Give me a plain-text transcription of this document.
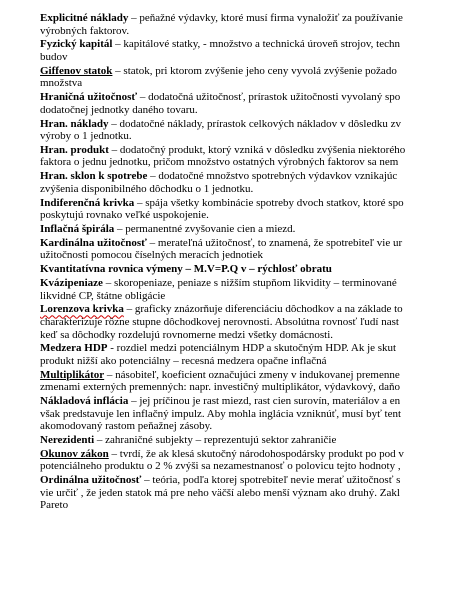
Explicitné náklady – peňažné výdavky, ktoré musí firma vynaložiť za používanie
výrobných faktorov.
Fyzický kapitál – kapitálové statky, - množstvo a technická úroveň strojov, techn
budov
Giffenov statok – statok, pri ktorom zvýšenie jeho ceny vyvolá zvýšenie požado
množstva
Hraničná užitočnosť – dodatočná užitočnosť, prírastok užitočnosti vyvolaný spo
dodatočnej jednotky daného tovaru.
Hran. náklady – dodatočné náklady, prírastok celkových nákladov v dôsledku zv
výroby o 1 jednotku.
Hran. produkt – dodatočný produkt, ktorý vzniká v dôsledku zvýšenia niektorého
faktora o jednu jednotku, pričom množstvo ostatných výrobných faktorov sa nem
Hran. sklon k spotrebe – dodatočné množstvo spotrebných výdavkov vznikajúc
zvýšenia disponibilného dôchodku o 1 jednotku.
Indiferenčná krivka – spája všetky kombinácie spotreby dvoch statkov, ktoré spo
poskytujú rovnako veľké uspokojenie.
Inflačná špirála – permanentné zvyšovanie cien a miezd.
Kardinálna užitočnosť – merateľná užitočnosť, to znamená, že spotrebiteľ vie ur
užitočnosti pomocou číselných meracích jednotiek
Kvantitatívna rovnica výmeny – M.V=P.Q v – rýchlosť obratu
Kvázipeniaze – skoropeniaze, peniaze s nižším stupňom likvidity – terminované
likvidné CP, štátne obligácie
Lorenzova krivka – graficky znázorňuje diferenciáciu dôchodkov a na základe to
charakterizuje rôzne stupne dôchodkovej nerovnosti. Absolútna rovnosť ľudí nast
keď sa dôchodky rozdelujú rovnomerne medzi všetky domácnosti.
Medzera HDP - rozdiel medzi potenciálnym HDP a skutočným HDP. Ak je skut
produkt nižší ako potenciálny – recesná medzera opačne inflačná
Multiplikátor – násobiteľ, koeficient označujúci zmeny v indukovanej premenne
zmenami externých premenných: napr. investičný multiplikátor, výdavkový, daňo
Nákladová inflácia – jej príčinou je rast miezd, rast cien surovín, materiálov a en
však predstavuje len inflačný impulz. Aby mohla inglácia vzniknúť, musí byť tent
akomodovaný rastom peňažnej zásoby.
Nerezidenti – zahraničné subjekty – reprezentujú sektor zahraničie
Okunov zákon – tvrdí, že ak klesá skutočný národohospodársky produkt po pod v
potenciálneho produktu o 2 % zvýši sa nezamestnanosť o polovicu tejto hodnoty ,
Ordinálna užitočnosť – teória, podľa ktorej spotrebiteľ nevie merať užitočnosť s
vie určiť , že jeden statok má pre neho väčší alebo menší význam ako druhý. Zakl
Pareto
